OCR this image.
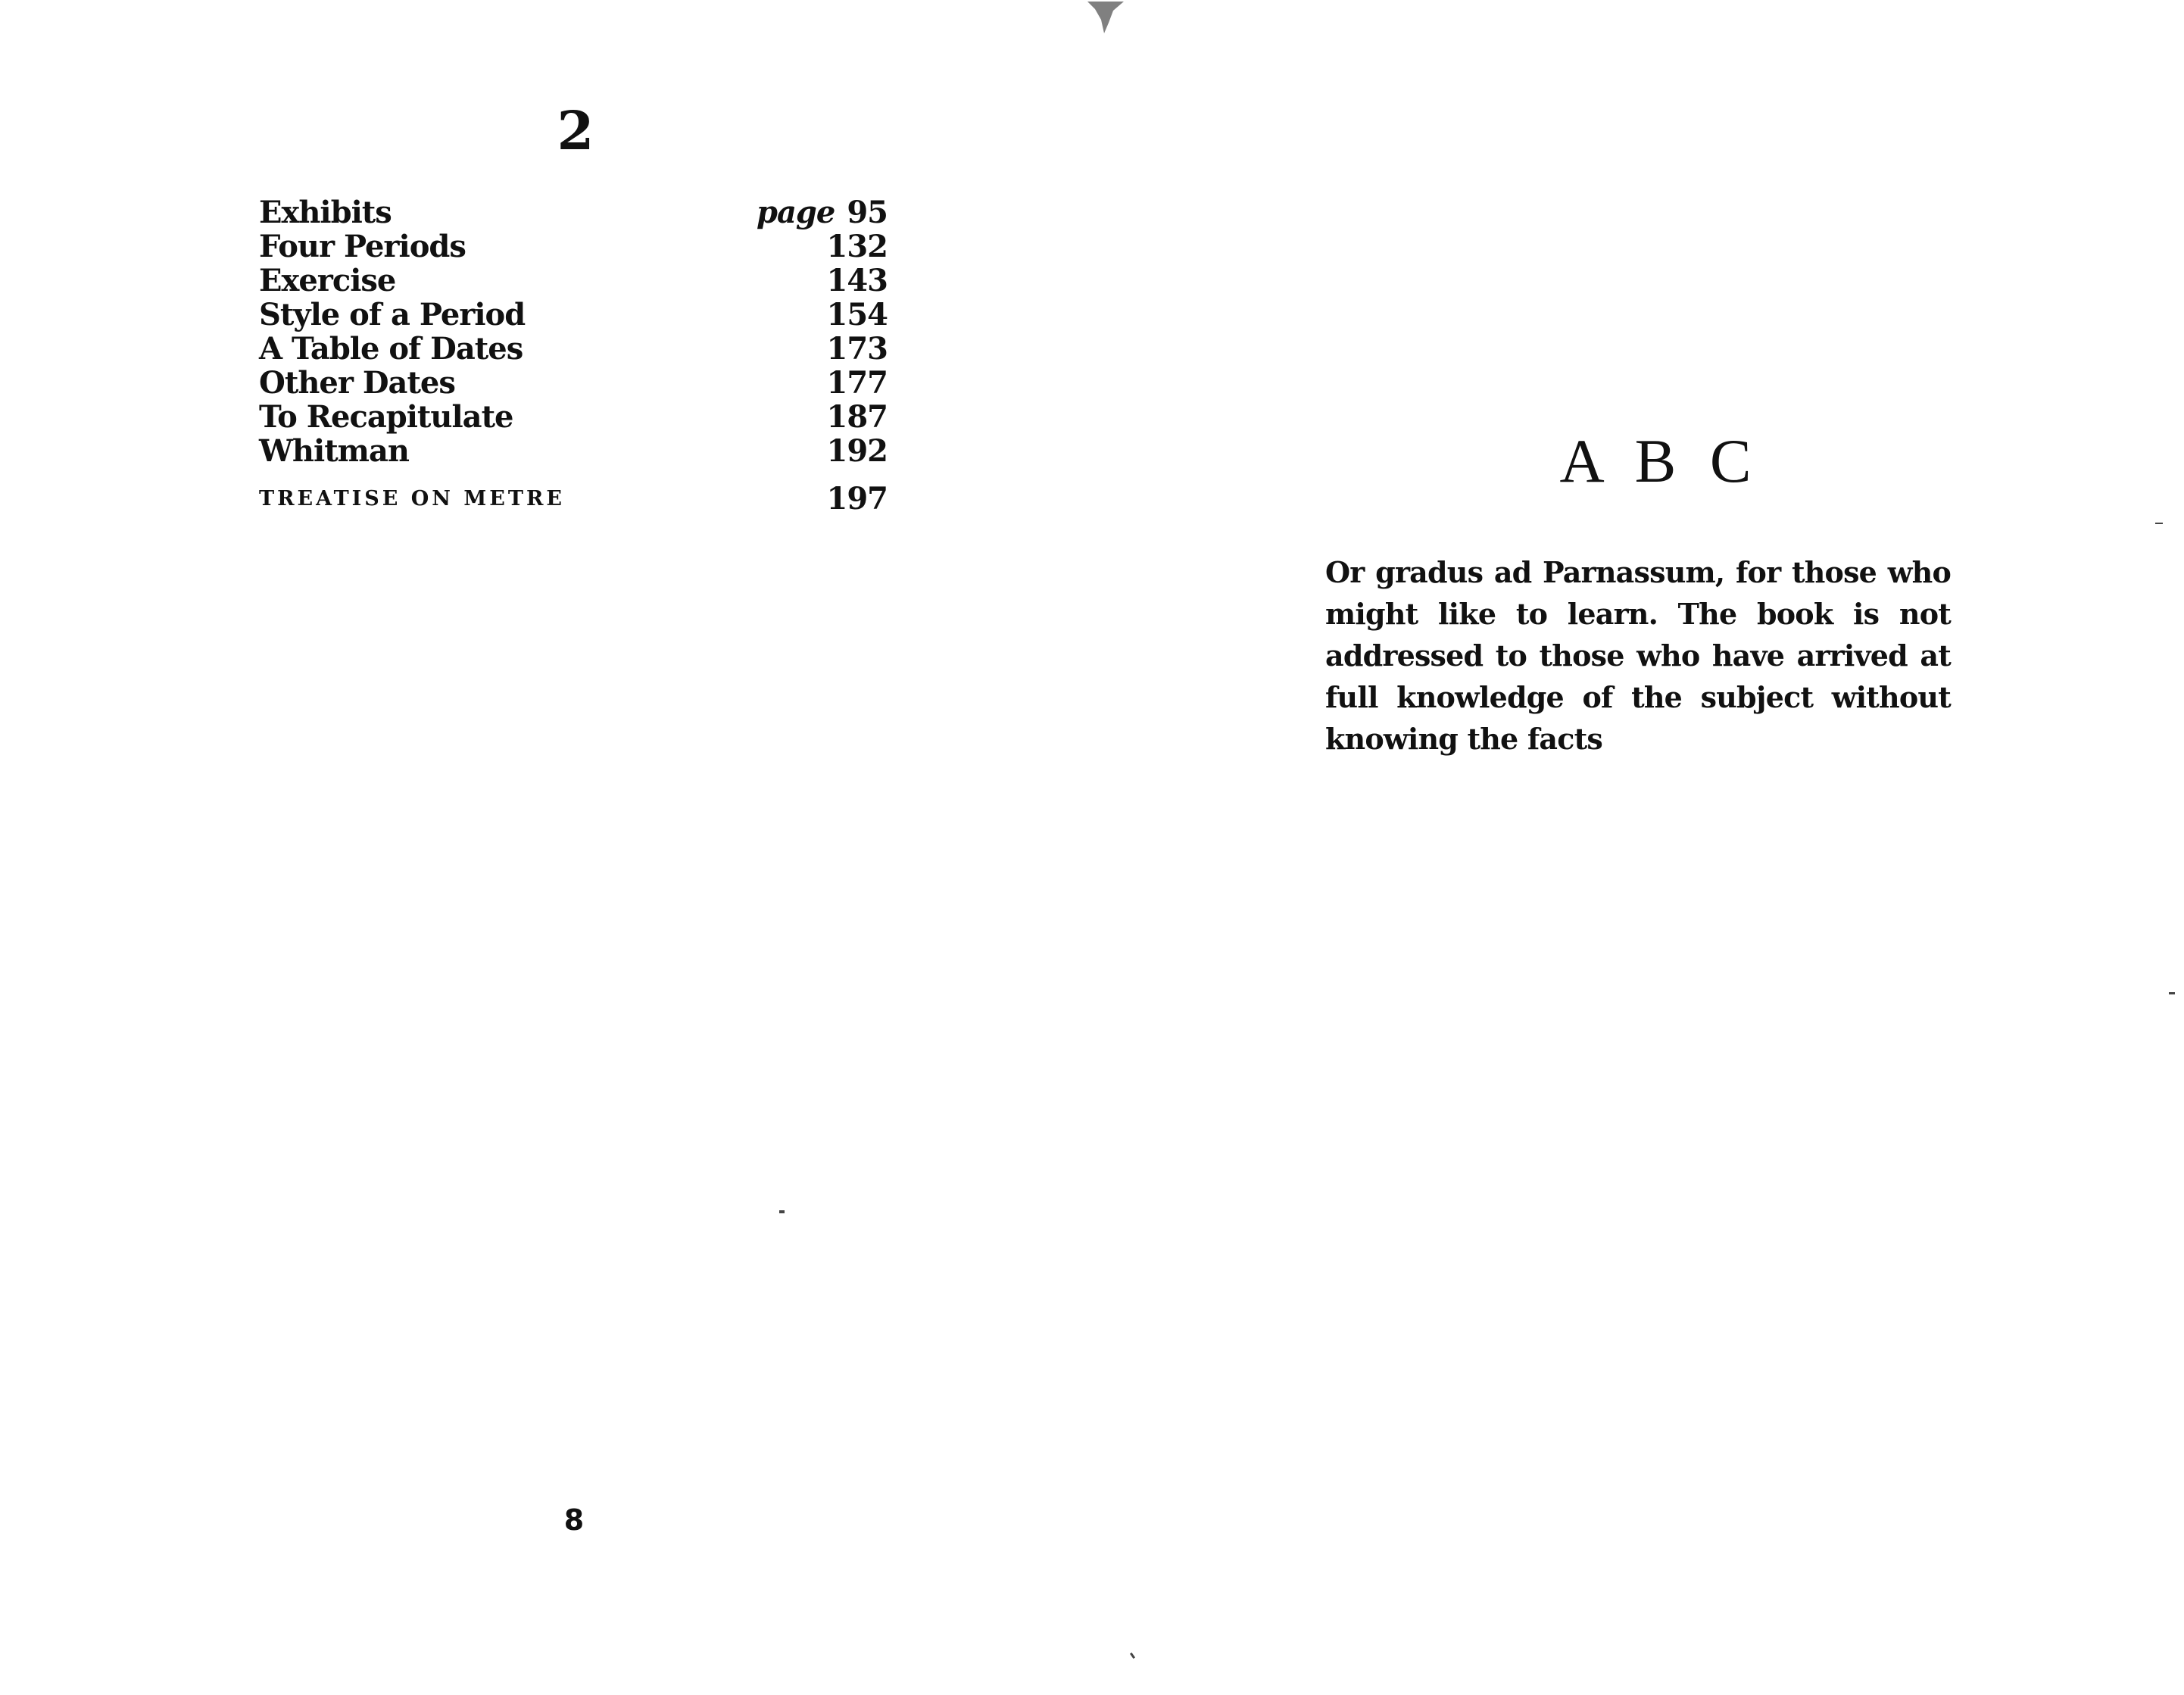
2
Exhibits	page 95
Four Periods	132
Exercise	143
Style of a Period	154
A Table of Dates	173
Other Dates	177
To Recapitulate	187
Whitman	192
TREATISE ON METRE	197
8
A B C

Or gradus ad Parnassum, for those who might like to learn. The book is not addressed to those who have arrived at full knowledge of the subject without knowing the facts
